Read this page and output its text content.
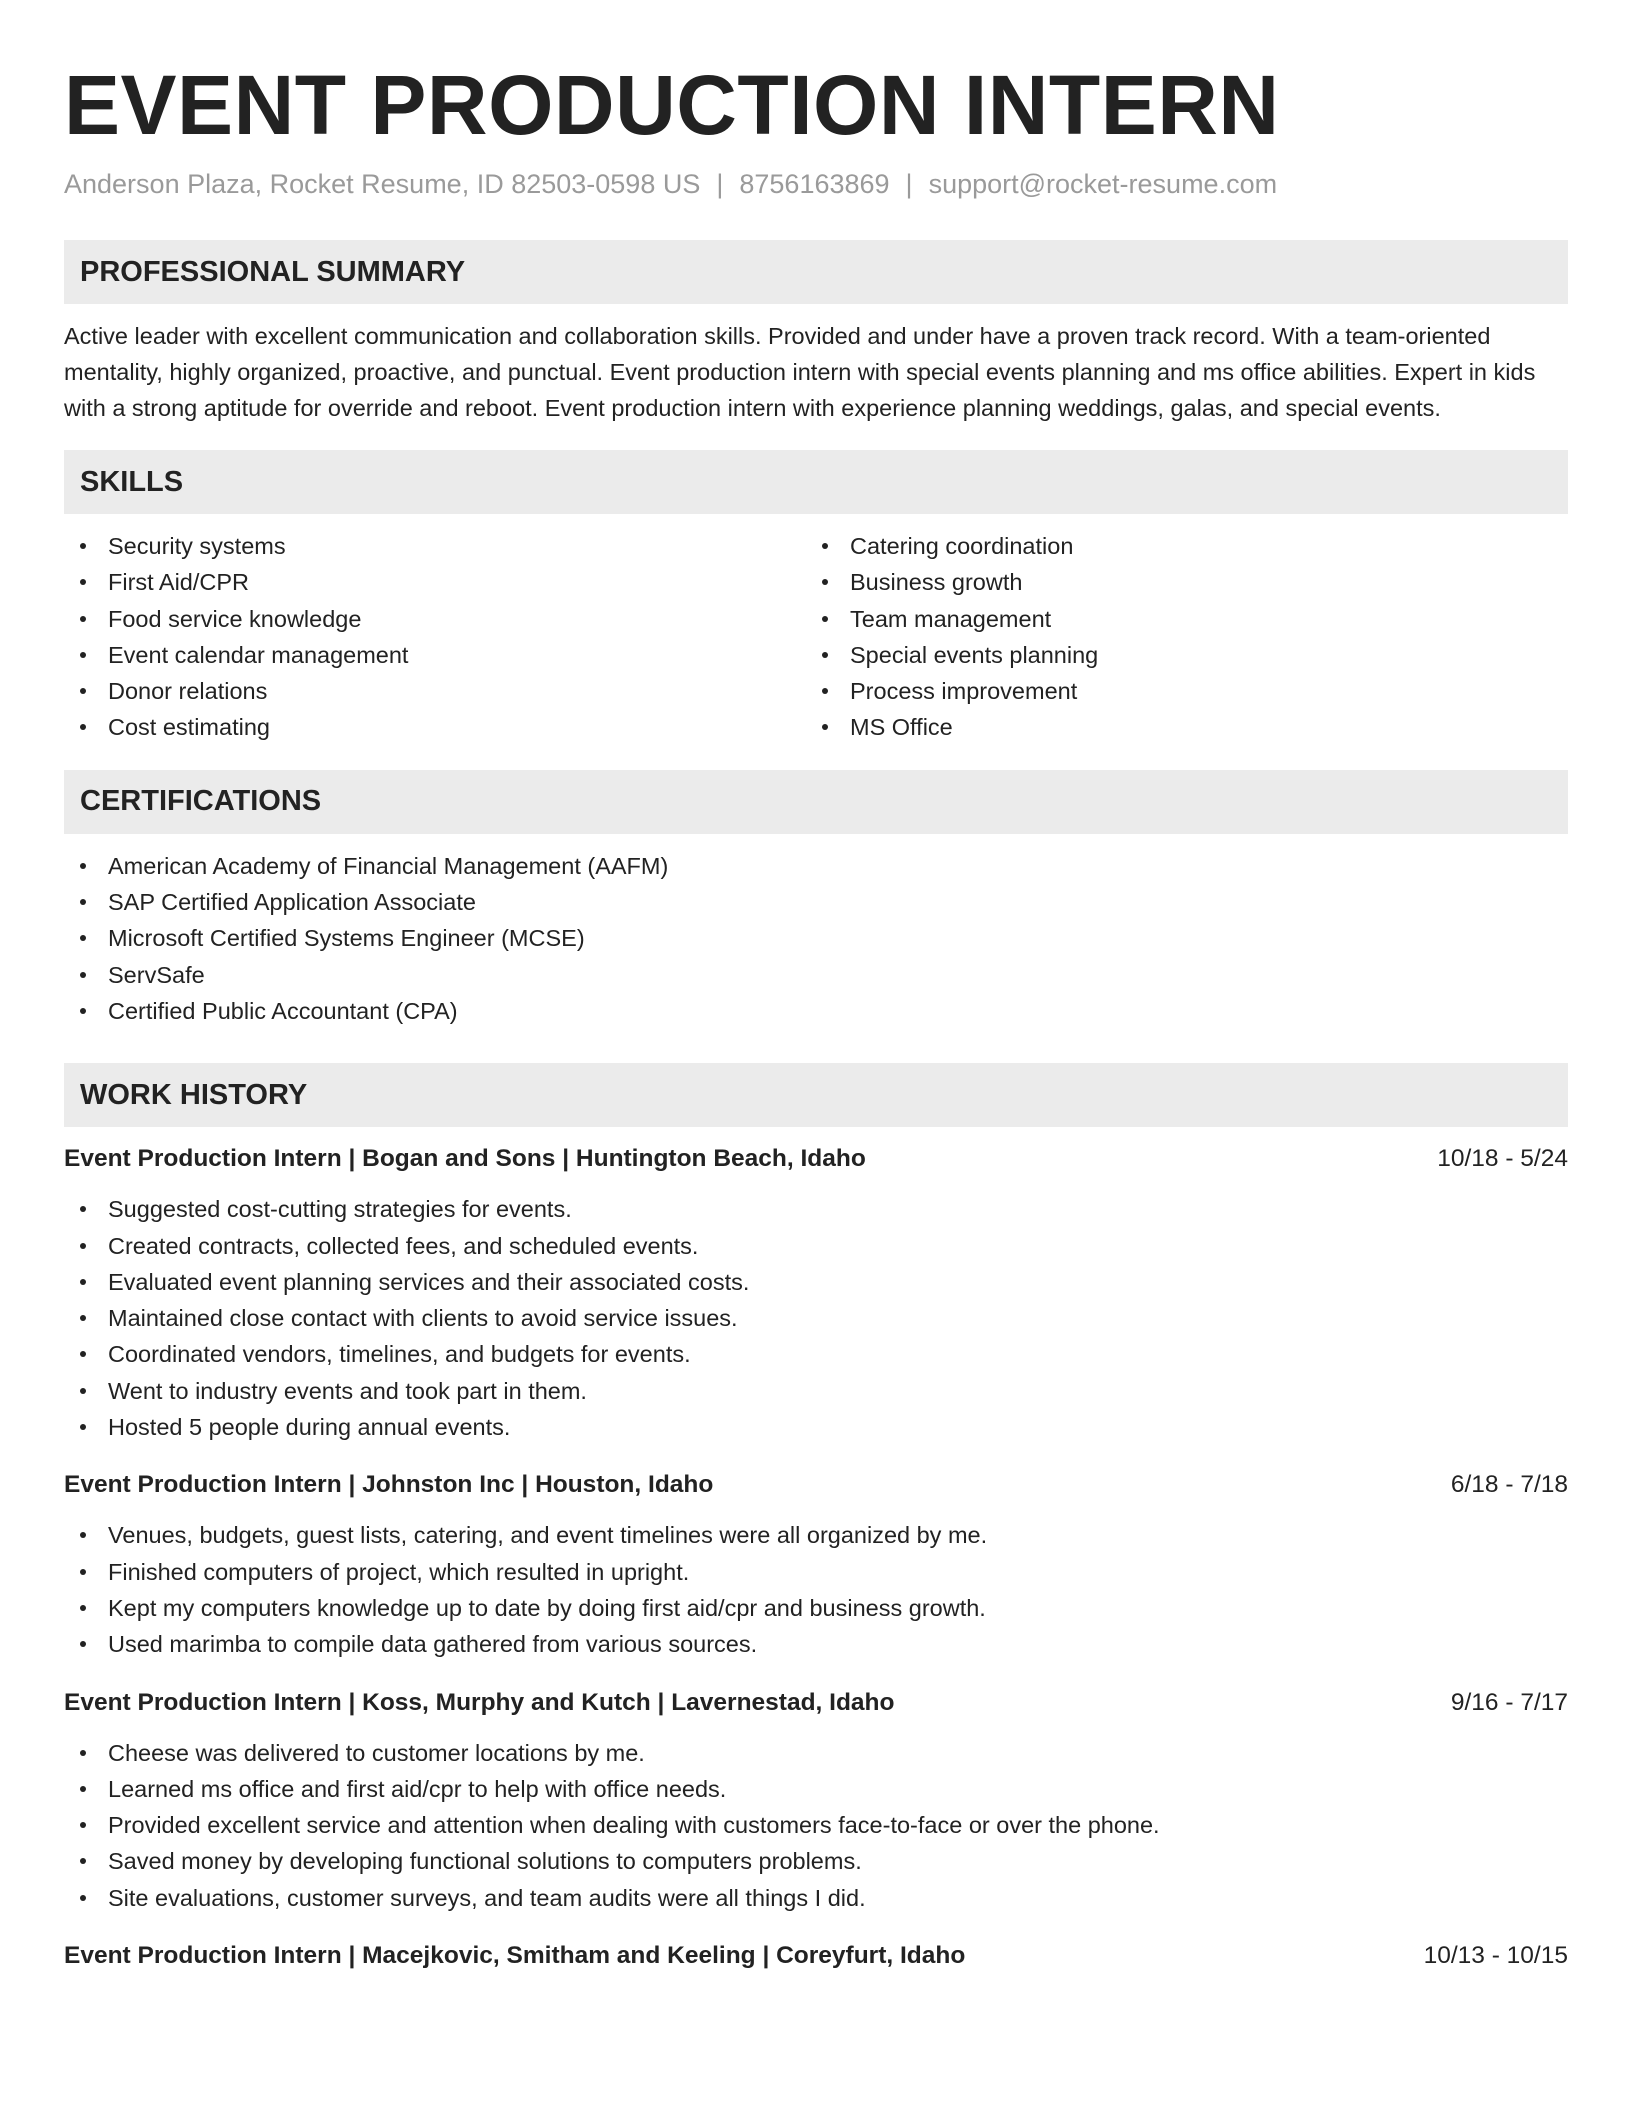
EVENT PRODUCTION INTERN
Anderson Plaza, Rocket Resume, ID 82503-0598 US | 8756163869 | support@rocket-resume.com
PROFESSIONAL SUMMARY

Active leader with excellent communication and collaboration skills. Provided and under have a proven track record. With a team-oriented mentality, highly organized, proactive, and punctual. Event production intern with special events planning and ms office abilities. Expert in kids with a strong aptitude for override and reboot. Event production intern with experience planning weddings, galas, and special events.

SKILLS
Security systems
First Aid/CPR
Food service knowledge
Event calendar management
Donor relations
Cost estimating
Catering coordination
Business growth
Team management
Special events planning
Process improvement
MS Office
CERTIFICATIONS
American Academy of Financial Management (AAFM)
SAP Certified Application Associate
Microsoft Certified Systems Engineer (MCSE)
ServSafe
Certified Public Accountant (CPA)
WORK HISTORY
Event Production Intern | Bogan and Sons | Huntington Beach, Idaho	10/18 - 5/24
Suggested cost-cutting strategies for events.
Created contracts, collected fees, and scheduled events.
Evaluated event planning services and their associated costs.
Maintained close contact with clients to avoid service issues.
Coordinated vendors, timelines, and budgets for events.
Went to industry events and took part in them.
Hosted 5 people during annual events.
Event Production Intern | Johnston Inc | Houston, Idaho	6/18 - 7/18
Venues, budgets, guest lists, catering, and event timelines were all organized by me.
Finished computers of project, which resulted in upright.
Kept my computers knowledge up to date by doing first aid/cpr and business growth.
Used marimba to compile data gathered from various sources.
Event Production Intern | Koss, Murphy and Kutch | Lavernestad, Idaho	9/16 - 7/17
Cheese was delivered to customer locations by me.
Learned ms office and first aid/cpr to help with office needs.
Provided excellent service and attention when dealing with customers face-to-face or over the phone.
Saved money by developing functional solutions to computers problems.
Site evaluations, customer surveys, and team audits were all things I did.
Event Production Intern | Macejkovic, Smitham and Keeling | Coreyfurt, Idaho	10/13 - 10/15
